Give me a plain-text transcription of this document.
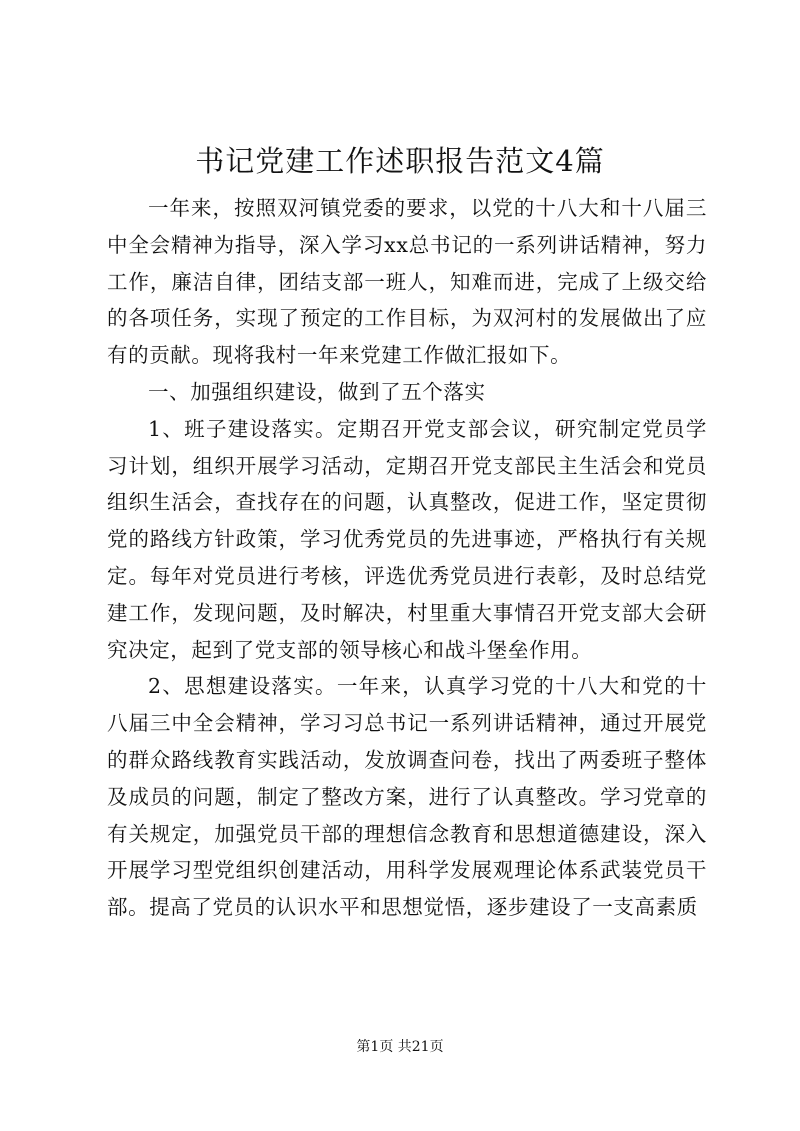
书记党建工作述职报告范文4篇

一年来，按照双河镇党委的要求，以党的十八大和十八届三中全会精神为指导，深入学习xx总书记的一系列讲话精神，努力工作，廉洁自律，团结支部一班人，知难而进，完成了上级交给的各项任务，实现了预定的工作目标，为双河村的发展做出了应有的贡献。现将我村一年来党建工作做汇报如下。

一、加强组织建设，做到了五个落实

1、班子建设落实。定期召开党支部会议，研究制定党员学习计划，组织开展学习活动，定期召开党支部民主生活会和党员组织生活会，查找存在的问题，认真整改，促进工作，坚定贯彻党的路线方针政策，学习优秀党员的先进事迹，严格执行有关规定。每年对党员进行考核，评选优秀党员进行表彰，及时总结党建工作，发现问题，及时解决，村里重大事情召开党支部大会研究决定，起到了党支部的领导核心和战斗堡垒作用。

2、思想建设落实。一年来，认真学习党的十八大和党的十八届三中全会精神，学习习总书记一系列讲话精神，通过开展党的群众路线教育实践活动，发放调查问卷，找出了两委班子整体及成员的问题，制定了整改方案，进行了认真整改。学习党章的有关规定，加强党员干部的理想信念教育和思想道德建设，深入开展学习型党组织创建活动，用科学发展观理论体系武装党员干部。提高了党员的认识水平和思想觉悟，逐步建设了一支高素质

第1页 共21页
